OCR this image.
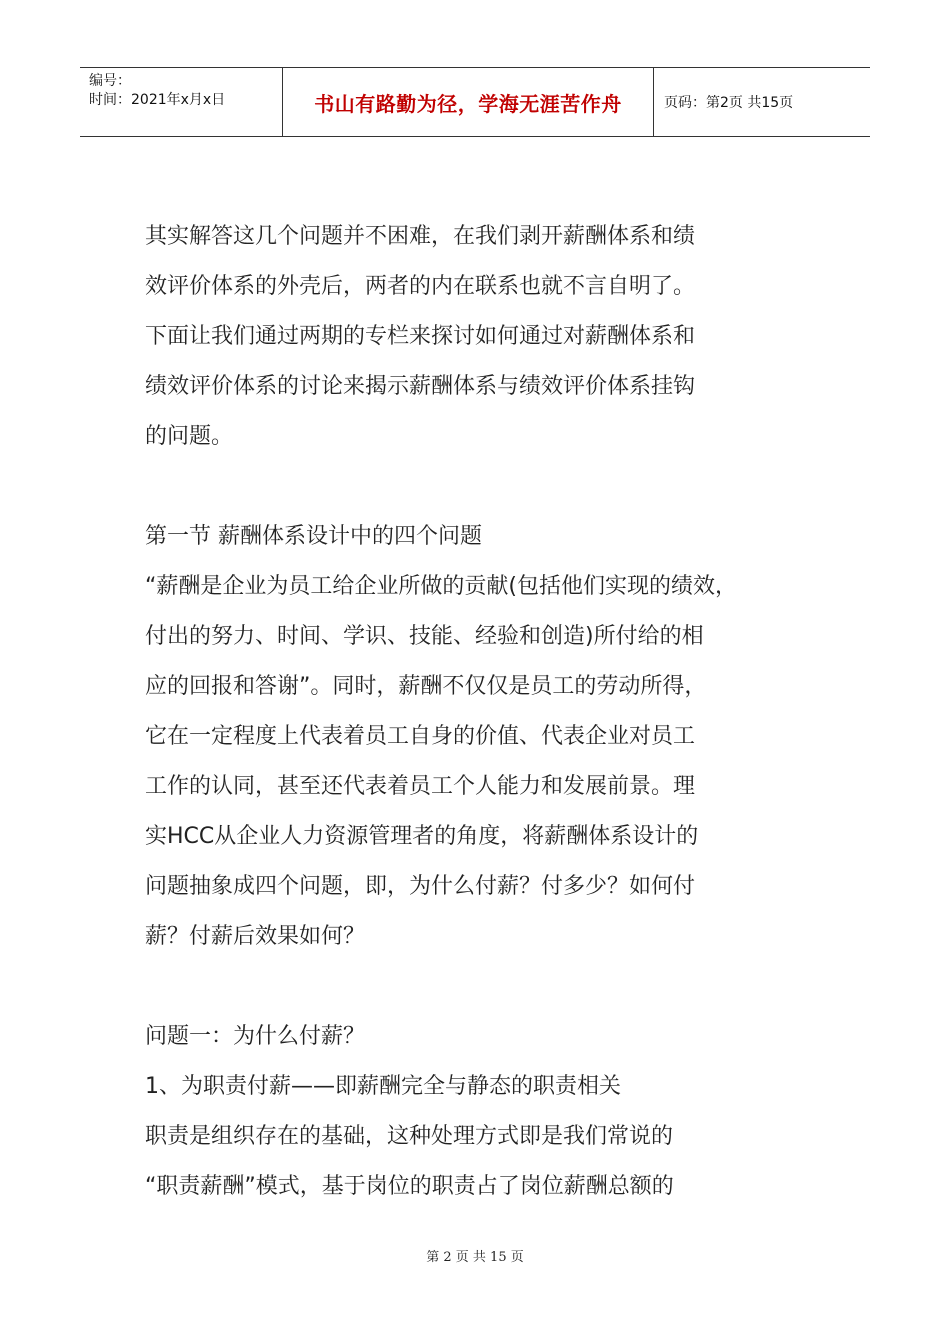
编号：
时间：2021年x月x日	书山有路勤为径，学海无涯苦作舟	页码：第2页 共15页
其实解答这几个问题并不困难，在我们剥开薪酬体系和绩
效评价体系的外壳后，两者的内在联系也就不言自明了。
下面让我们通过两期的专栏来探讨如何通过对薪酬体系和
绩效评价体系的讨论来揭示薪酬体系与绩效评价体系挂钩
的问题。
第一节 薪酬体系设计中的四个问题
“薪酬是企业为员工给企业所做的贡献(包括他们实现的绩效，
付出的努力、时间、学识、技能、经验和创造)所付给的相
应的回报和答谢”。同时，薪酬不仅仅是员工的劳动所得，
它在一定程度上代表着员工自身的价值、代表企业对员工
工作的认同，甚至还代表着员工个人能力和发展前景。理
实HCC从企业人力资源管理者的角度，将薪酬体系设计的
问题抽象成四个问题，即，为什么付薪？付多少？如何付
薪？付薪后效果如何？
问题一：为什么付薪？
1、为职责付薪——即薪酬完全与静态的职责相关
职责是组织存在的基础，这种处理方式即是我们常说的
“职责薪酬”模式，基于岗位的职责占了岗位薪酬总额的
第 2 页 共 15 页
